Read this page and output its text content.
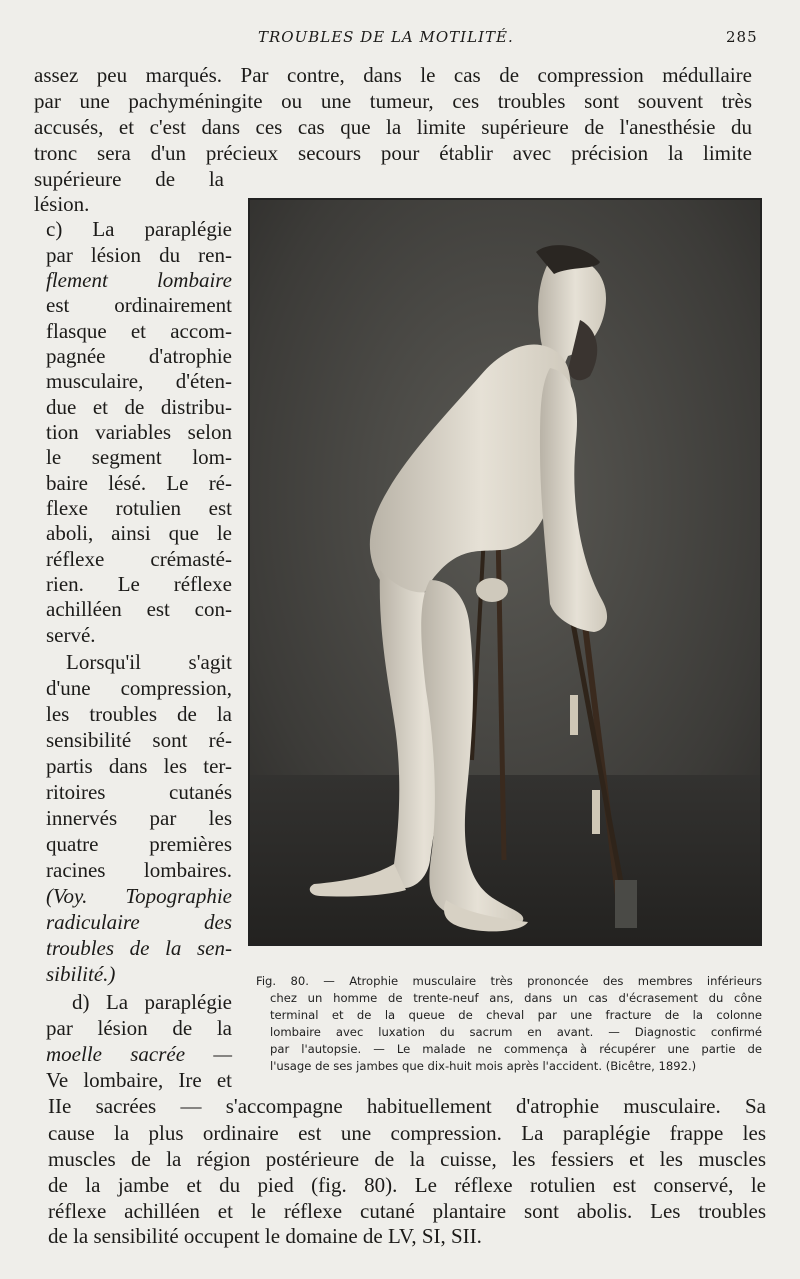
TROUBLES DE LA MOTILITÉ.	285
assez peu marqués. Par contre, dans le cas de compression médullaire
par une pachyméningite ou une tumeur, ces troubles sont souvent très
accusés, et c'est dans ces cas que la limite supérieure de l'anesthésie du
tronc sera d'un précieux secours pour établir avec précision la limite
supérieure de la
lésion.
c) La paraplégie
par lésion du ren-
flement lombaire
est ordinairement
flasque et accom-
pagnée d'atrophie
musculaire, d'éten-
due et de distribu-
tion variables selon
le segment lom-
baire lésé. Le ré-
flexe rotulien est
aboli, ainsi que le
réflexe crémasté-
rien. Le réflexe
achilléen est con-
servé.
Lorsqu'il s'agit
d'une compression,
les troubles de la
sensibilité sont ré-
partis dans les ter-
ritoires cutanés
innervés par les
quatre premières
racines lombaires.
(Voy. Topographie
radiculaire des
troubles de la sen-
sibilité.)
d) La paraplégie
par lésion de la
moelle sacrée —
Ve lombaire, Ire et
Fig. 80. — Atrophie musculaire très prononcée des membres inférieurs
chez un homme de trente-neuf ans, dans un cas d'écrasement du cône
terminal et de la queue de cheval par une fracture de la colonne
lombaire avec luxation du sacrum en avant. — Diagnostic confirmé
par l'autopsie. — Le malade ne commença à récupérer une partie de
l'usage de ses jambes que dix-huit mois après l'accident. (Bicêtre, 1892.)
IIe sacrées — s'accompagne habituellement d'atrophie musculaire. Sa
cause la plus ordinaire est une compression. La paraplégie frappe les
muscles de la région postérieure de la cuisse, les fessiers et les muscles
de la jambe et du pied (fig. 80). Le réflexe rotulien est conservé, le
réflexe achilléen et le réflexe cutané plantaire sont abolis. Les troubles
de la sensibilité occupent le domaine de LV, SI, SII.
